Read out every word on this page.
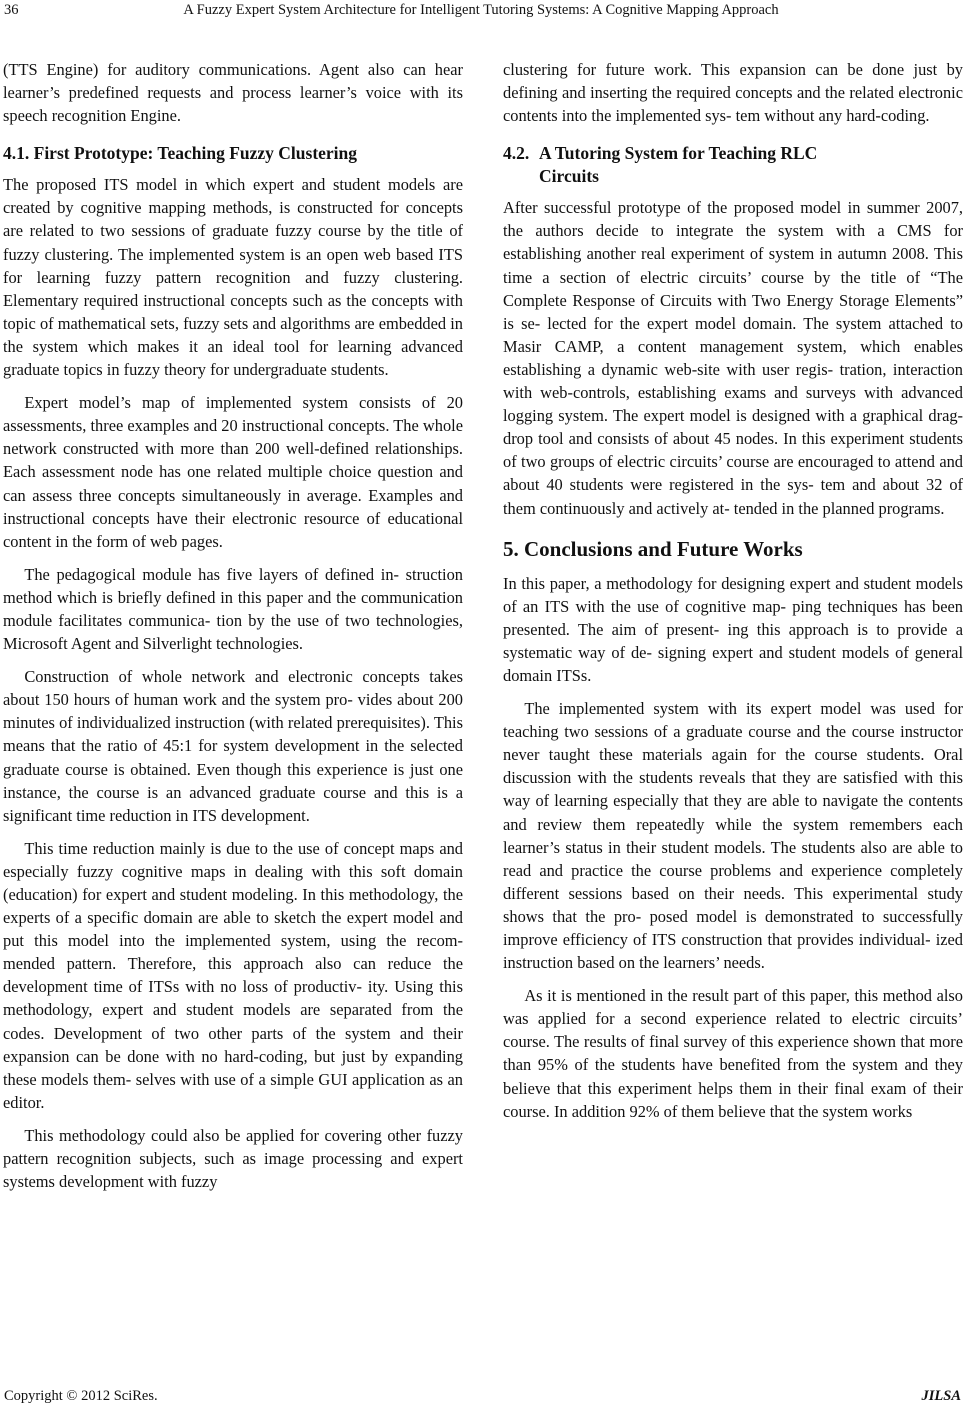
36	A Fuzzy Expert System Architecture for Intelligent Tutoring Systems: A Cognitive Mapping Approach

(TTS Engine) for auditory communications. Agent also can hear learner’s predefined requests and process learner’s voice with its speech recognition Engine.

4.1. First Prototype: Teaching Fuzzy Clustering

The proposed ITS model in which expert and student models are created by cognitive mapping methods, is constructed for concepts are related to two sessions of graduate fuzzy course by the title of fuzzy clustering. The implemented system is an open web based ITS for learning fuzzy pattern recognition and fuzzy clustering. Elementary required instructional concepts such as the concepts with topic of mathematical sets, fuzzy sets and algorithms are embedded in the system which makes it an ideal tool for learning advanced graduate topics in fuzzy theory for undergraduate students.

Expert model’s map of implemented system consists of 20 assessments, three examples and 20 instructional concepts. The whole network constructed with more than 200 well-defined relationships. Each assessment node has one related multiple choice question and can assess three concepts simultaneously in average. Examples and instructional concepts have their electronic resource of educational content in the form of web pages.

The pedagogical module has five layers of defined in- struction method which is briefly defined in this paper and the communication module facilitates communica- tion by the use of two technologies, Microsoft Agent and Silverlight technologies.

Construction of whole network and electronic concepts takes about 150 hours of human work and the system pro- vides about 200 minutes of individualized instruction (with related prerequisites). This means that the ratio of 45:1 for system development in the selected graduate course is obtained. Even though this experience is just one instance, the course is an advanced graduate course and this is a significant time reduction in ITS development.

This time reduction mainly is due to the use of concept maps and especially fuzzy cognitive maps in dealing with this soft domain (education) for expert and student modeling. In this methodology, the experts of a specific domain are able to sketch the expert model and put this model into the implemented system, using the recom- mended pattern. Therefore, this approach also can reduce the development time of ITSs with no loss of productiv- ity. Using this methodology, expert and student models are separated from the codes. Development of two other parts of the system and their expansion can be done with no hard-coding, but just by expanding these models them- selves with use of a simple GUI application as an editor.

This methodology could also be applied for covering other fuzzy pattern recognition subjects, such as image processing and expert systems development with fuzzy

clustering for future work. This expansion can be done just by defining and inserting the required concepts and the related electronic contents into the implemented sys- tem without any hard-coding.

4.2. A Tutoring System for Teaching RLC
Circuits

After successful prototype of the proposed model in summer 2007, the authors decide to integrate the system with a CMS for establishing another real experiment of system in autumn 2008. This time a section of electric circuits’ course by the title of “The Complete Response of Circuits with Two Energy Storage Elements” is se- lected for the expert model domain. The system attached to Masir CAMP, a content management system, which enables establishing a dynamic web-site with user regis- tration, interaction with web-controls, establishing exams and surveys with advanced logging system. The expert model is designed with a graphical drag-drop tool and consists of about 45 nodes. In this experiment students of two groups of electric circuits’ course are encouraged to attend and about 40 students were registered in the sys- tem and about 32 of them continuously and actively at- tended in the planned programs.

5. Conclusions and Future Works

In this paper, a methodology for designing expert and student models of an ITS with the use of cognitive map- ping techniques has been presented. The aim of present- ing this approach is to provide a systematic way of de- signing expert and student models of general domain ITSs.

The implemented system with its expert model was used for teaching two sessions of a graduate course and the course instructor never taught these materials again for the course students. Oral discussion with the students reveals that they are satisfied with this way of learning especially that they are able to navigate the contents and review them repeatedly while the system remembers each learner’s status in their student models. The students also are able to read and practice the course problems and experience completely different sessions based on their needs. This experimental study shows that the pro- posed model is demonstrated to successfully improve efficiency of ITS construction that provides individual- ized instruction based on the learners’ needs.

As it is mentioned in the result part of this paper, this method also was applied for a second experience related to electric circuits’ course. The results of final survey of this experience shown that more than 95% of the students have benefited from the system and they believe that this experiment helps them in their final exam of their course. In addition 92% of them believe that the system works

Copyright © 2012 SciRes.	JILSA
